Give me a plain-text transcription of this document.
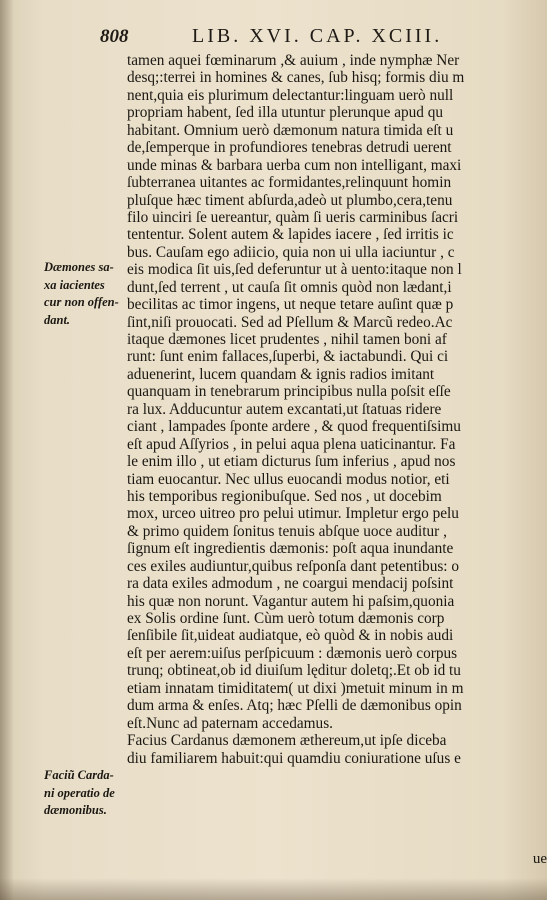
808	LIB. XVI. CAP. XCIII.
Dæmones sa-
xa iacientes
cur non offen-
dant.
Faciũ Carda-
ni operatio de
dæmonibus.
tamen aquei fœminarum ,& auium , inde nymphæ Ner
desq;:terrei in homines & canes, ſub hisq; formis diu m
nent,quia eis plurimum delectantur:linguam uerò null
propriam habent, ſed illa utuntur plerunque apud qu
habitant. Omnium uerò dæmonum natura timida eſt u
de,ſemperque in profundiores tenebras detrudi uerent
unde minas & barbara uerba cum non intelligant, maxi
ſubterranea uitantes ac formidantes,relinquunt homin
pluſque hæc timent abſurda,adeò ut plumbo,cera,tenu
filo uinciri ſe uereantur, quàm ſi ueris carminibus ſacri
tententur. Solent autem & lapides iacere , ſed irritis ic
bus. Cauſam ego adiicio, quia non ui ulla iaciuntur , c
eis modica ſit uis,ſed deferuntur ut à uento:itaque non l
dunt,ſed terrent , ut cauſa ſit omnis quòd non lædant,i
becilitas ac timor ingens, ut neque tetare auſint quæ p
ſint,niſi prouocati. Sed ad Pſellum & Marcũ redeo.Ac
itaque dæmones licet prudentes , nihil tamen boni af
runt: ſunt enim fallaces,ſuperbi, & iactabundi. Qui ci
aduenerint, lucem quandam & ignis radios imitant
quanquam in tenebrarum principibus nulla poſsit eſſe
ra lux. Adducuntur autem excantati,ut ſtatuas ridere
ciant , lampades ſponte ardere , & quod frequentiſsimu
eſt apud Aſſyrios , in pelui aqua plena uaticinantur. Fa
le enim illo , ut etiam dicturus ſum inferius , apud nos
tiam euocantur. Nec ullus euocandi modus notior, eti
his temporibus regionibuſque. Sed nos , ut docebim
mox, urceo uitreo pro pelui utimur. Impletur ergo pelu
& primo quidem ſonitus tenuis abſque uoce auditur ,
ſignum eſt ingredientis dæmonis: poſt aqua inundante
ces exiles audiuntur,quibus reſponſa dant petentibus: o
ra data exiles admodum , ne coargui mendacij poſsint
his quæ non norunt. Vagantur autem hi paſsim,quonia
ex Solis ordine ſunt. Cùm uerò totum dæmonis corp
ſenſibile ſit,uideat audiatque, eò quòd & in nobis audi
eſt per aerem:uiſus perſpicuum : dæmonis uerò corpus
trunq; obtineat,ob id diuiſum lęditur doletq;.Et ob id tu
etiam innatam timiditatem( ut dixi )metuit minum in m
dum arma & enſes. Atq; hæc Pſelli de dæmonibus opin
eſt.Nunc ad paternam accedamus.
Facius Cardanus dæmonem æthereum,ut ipſe diceba
diu familiarem habuit:qui quamdiu coniuratione uſus e
ue
